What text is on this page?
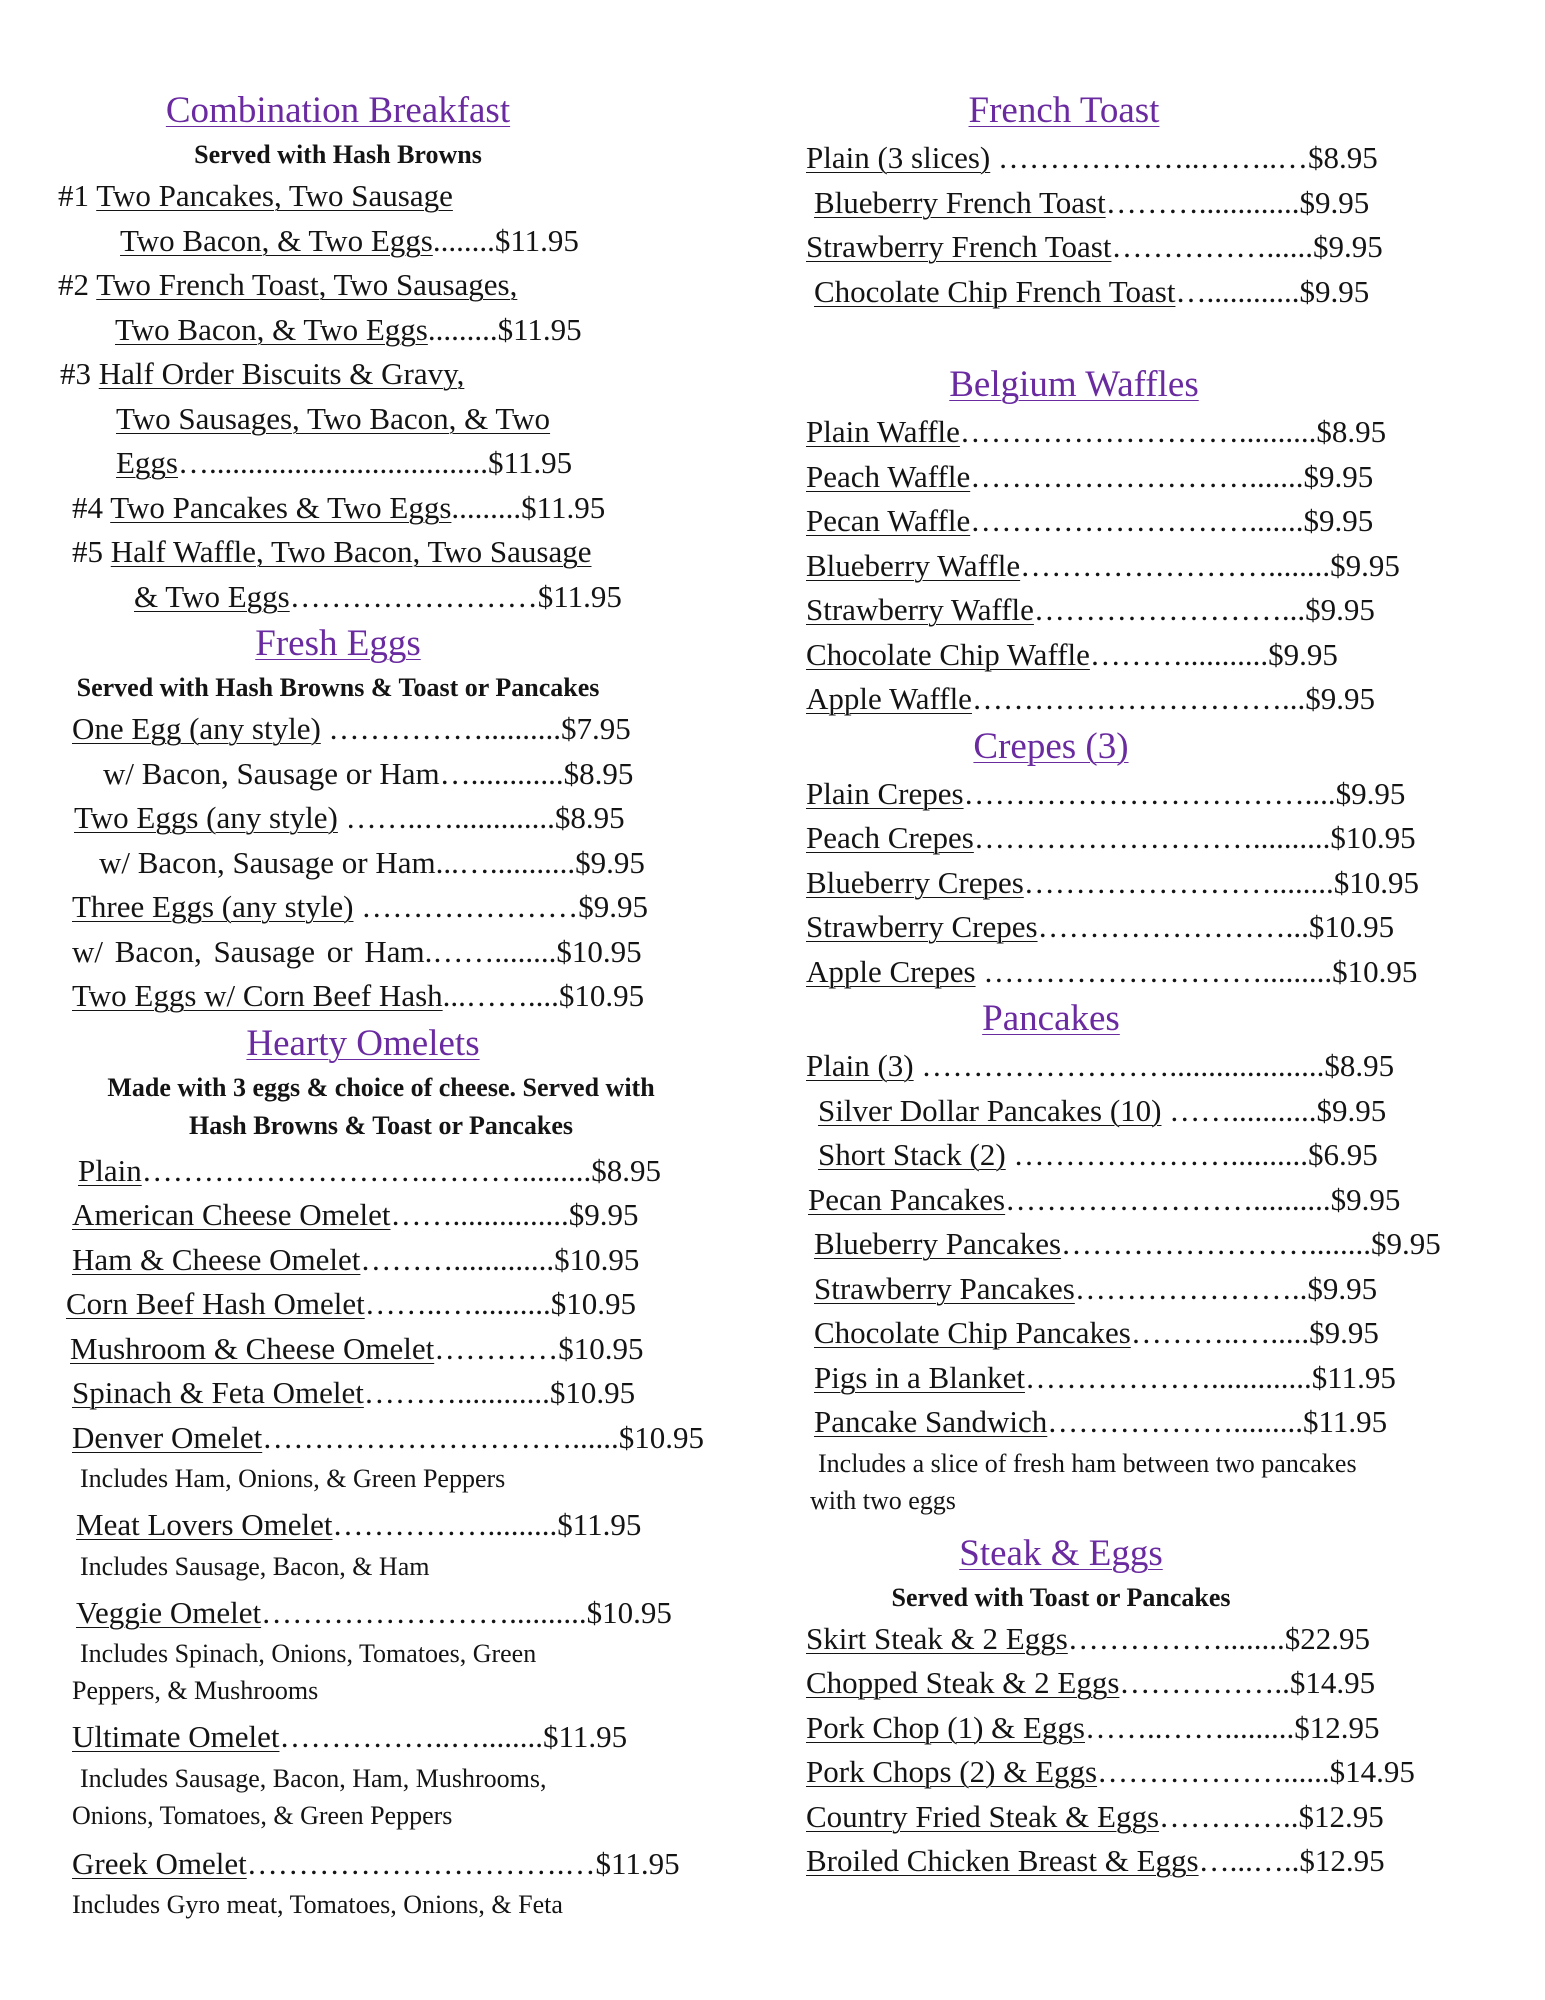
Combination Breakfast
Served with Hash Browns
#1 Two Pancakes, Two Sausage
Two Bacon, & Two Eggs........$11.95
#2 Two French Toast, Two Sausages,
Two Bacon, & Two Eggs.........$11.95
#3 Half Order Biscuits & Gravy,
Two Sausages, Two Bacon, & Two
Eggs…....................................$11.95
#4 Two Pancakes & Two Eggs.........$11.95
#5 Half Waffle, Two Bacon, Two Sausage
& Two Eggs……………………$11.95
Fresh Eggs
Served with Hash Browns & Toast or Pancakes
One Egg (any style) ……………..........$7.95
w/ Bacon, Sausage or Ham…............$8.95
Two Eggs (any style) ……..….............$8.95
w/ Bacon, Sausage or Ham...…...........$9.95
Three Eggs (any style) …………………$9.95
w/ Bacon, Sausage or Ham.……........$10.95
Two Eggs w/ Corn Beef Hash...……....$10.95
Hearty Omelets
Made with 3 eggs & choice of cheese. Served with
Hash Browns & Toast or Pancakes
Plain……………………….……….........$8.95
American Cheese Omelet……...............$9.95
Ham & Cheese Omelet……….............$10.95
Corn Beef Hash Omelet……..…..........$10.95
Mushroom & Cheese Omelet…………$10.95
Spinach & Feta Omelet………............$10.95
Denver Omelet…………………………......$10.95
Includes Ham, Onions, & Green Peppers
Meat Lovers Omelet…………….........$11.95
Includes Sausage, Bacon, & Ham
Veggie Omelet……………………..........$10.95
Includes Spinach, Onions, Tomatoes, Green
Peppers, & Mushrooms
Ultimate Omelet……………..…........$11.95
Includes Sausage, Bacon, Ham, Mushrooms,
Onions, Tomatoes, & Green Peppers
Greek Omelet………………………….…$11.95
Includes Gyro meat, Tomatoes, Onions, & Feta
French Toast
Plain (3 slices) ………………..……..…$8.95
Blueberry French Toast……….............$9.95
Strawberry French Toast……………......$9.95
Chocolate Chip French Toast…............$9.95
Belgium Waffles
Plain Waffle………………………..........$8.95
Peach Waffle……………………….......$9.95
Pecan Waffle……………………….......$9.95
Blueberry Waffle……………………........$9.95
Strawberry Waffle……………………...$9.95
Chocolate Chip Waffle………...........$9.95
Apple Waffle…………………………...$9.95
Crepes (3)
Plain Crepes……………………………....$9.95
Peach Crepes………………………..........$10.95
Blueberry Crepes……………………........$10.95
Strawberry Crepes……………………...$10.95
Apple Crepes ……………………….........$10.95
Pancakes
Plain (3) ……………………....................$8.95
Silver Dollar Pancakes (10) ……...........$9.95
Short Stack (2) …………………..........$6.95
Pecan Pancakes……………………..........$9.95
Blueberry Pancakes……………………........$9.95
Strawberry Pancakes…………………..$9.95
Chocolate Chip Pancakes………..….....$9.95
Pigs in a Blanket……………….............$11.95
Pancake Sandwich……………….........$11.95
Includes a slice of fresh ham between two pancakes
with two eggs
Steak & Eggs
Served with Toast or Pancakes
Skirt Steak & 2 Eggs……………........$22.95
Chopped Steak & 2 Eggs……………..$14.95
Pork Chop (1) & Eggs……..…….........$12.95
Pork Chops (2) & Eggs………………......$14.95
Country Fried Steak & Eggs…………..$12.95
Broiled Chicken Breast & Eggs…...…..$12.95
